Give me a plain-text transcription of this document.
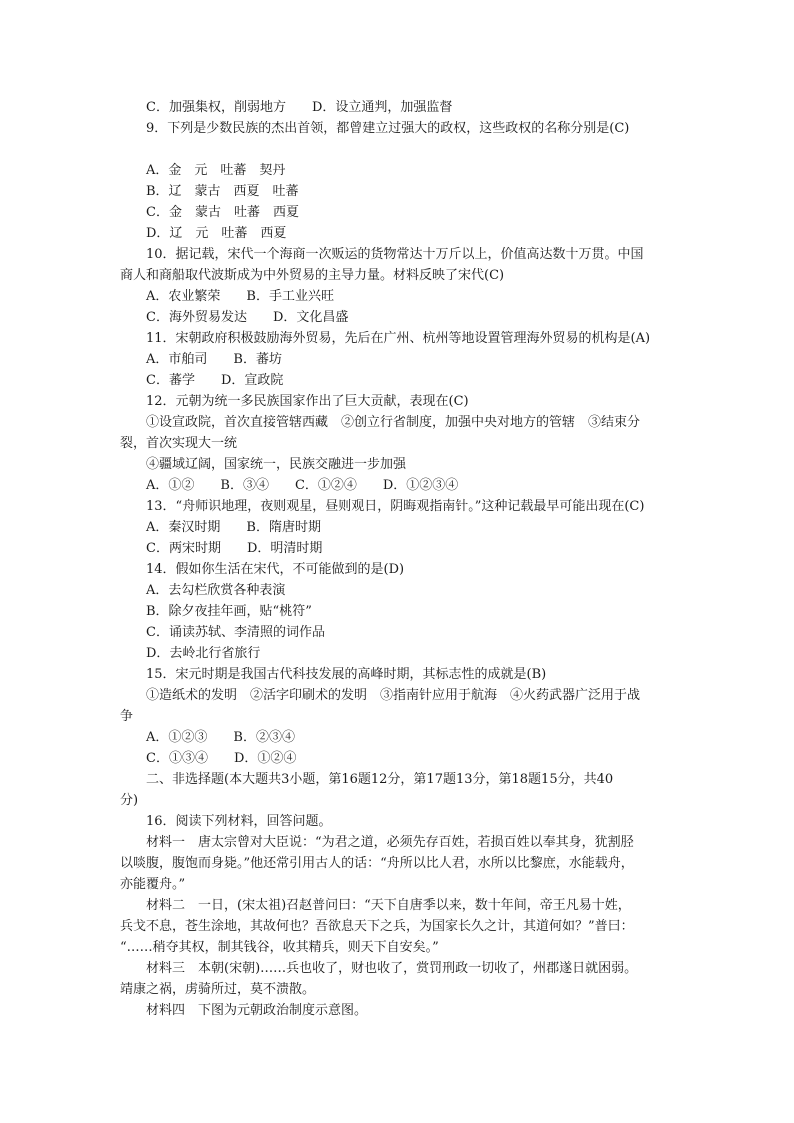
C．加强集权，削弱地方　　D．设立通判，加强监督
9．下列是少数民族的杰出首领，都曾建立过强大的政权，这些政权的名称分别是(C)
A．金　元　吐蕃　契丹
B．辽　蒙古　西夏　吐蕃
C．金　蒙古　吐蕃　西夏
D．辽　元　吐蕃　西夏
10．据记载，宋代一个海商一次贩运的货物常达十万斤以上，价值高达数十万贯。中国
商人和商船取代波斯成为中外贸易的主导力量。材料反映了宋代(C)
A．农业繁荣　　B．手工业兴旺
C．海外贸易发达　　D．文化昌盛
11．宋朝政府积极鼓励海外贸易，先后在广州、杭州等地设置管理海外贸易的机构是(A)
A．市舶司　　B．蕃坊
C．蕃学　　D．宣政院
12．元朝为统一多民族国家作出了巨大贡献，表现在(C)
①设宣政院，首次直接管辖西藏　②创立行省制度，加强中央对地方的管辖　③结束分
裂，首次实现大一统
④疆域辽阔，国家统一，民族交融进一步加强
A．①②　　B．③④　　C．①②④　　D．①②③④
13．“舟师识地理，夜则观星，昼则观日，阴晦观指南针。”这种记载最早可能出现在(C)
A．秦汉时期　　B．隋唐时期
C．两宋时期　　D．明清时期
14．假如你生活在宋代，不可能做到的是(D)
A．去勾栏欣赏各种表演
B．除夕夜挂年画，贴“桃符”
C．诵读苏轼、李清照的词作品
D．去岭北行省旅行
15．宋元时期是我国古代科技发展的高峰时期，其标志性的成就是(B)
①造纸术的发明　②活字印刷术的发明　③指南针应用于航海　④火药武器广泛用于战
争
A．①②③　　B．②③④
C．①③④　　D．①②④
二、非选择题(本大题共3小题，第16题12分，第17题13分，第18题15分，共40
分)
16．阅读下列材料，回答问题。
材料一　唐太宗曾对大臣说：“为君之道，必须先存百姓，若损百姓以奉其身，犹割胫
以啖腹，腹饱而身毙。”他还常引用古人的话：“舟所以比人君，水所以比黎庶，水能载舟，
亦能覆舟。”
材料二　一日，(宋太祖)召赵普问曰：“天下自唐季以来，数十年间，帝王凡易十姓，
兵戈不息，苍生涂地，其故何也？吾欲息天下之兵，为国家长久之计，其道何如？”普曰：
“……稍夺其权，制其钱谷，收其精兵，则天下自安矣。”
材料三　本朝(宋朝)……兵也收了，财也收了，赏罚刑政一切收了，州郡遂日就困弱。
靖康之祸，虏骑所过，莫不溃散。
材料四　下图为元朝政治制度示意图。
